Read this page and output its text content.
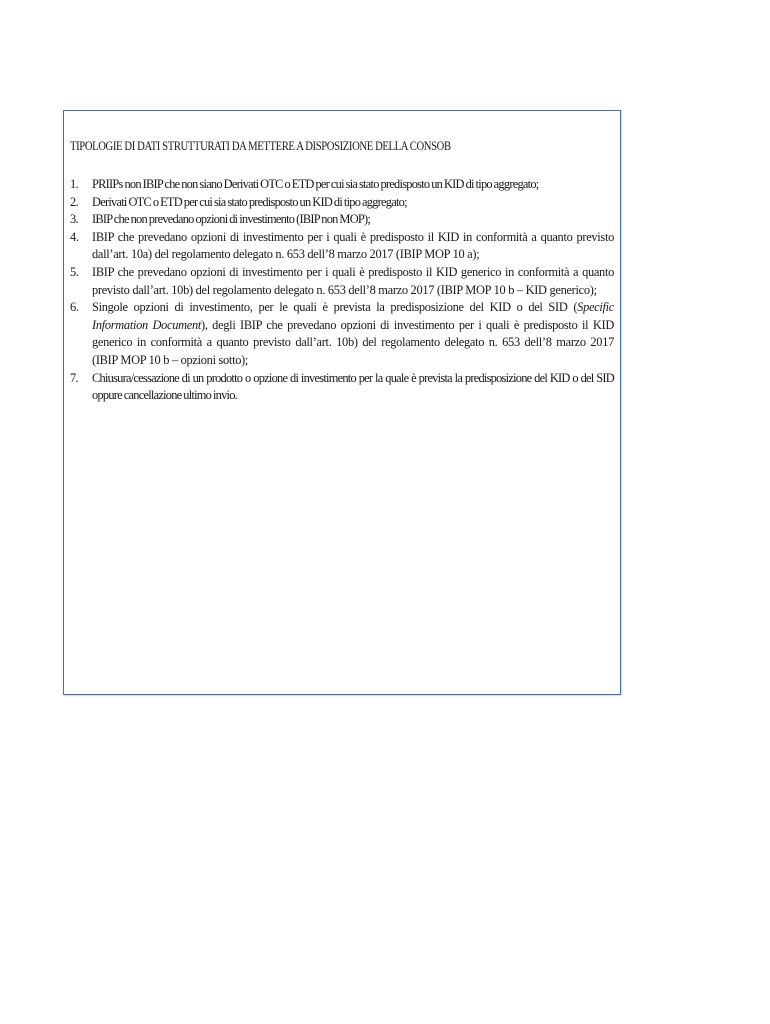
TIPOLOGIE DI DATI STRUTTURATI DA METTERE A DISPOSIZIONE DELLA CONSOB
1. PRIIPs non IBIP che non siano Derivati OTC o ETD per cui sia stato predisposto un KID di tipo aggregato;
2. Derivati OTC o ETD per cui sia stato predisposto un KID di tipo aggregato;
3. IBIP che non prevedano opzioni di investimento (IBIP non MOP);
4. IBIP che prevedano opzioni di investimento per i quali è predisposto il KID in conformità a quanto previsto dall’art. 10a) del regolamento delegato n. 653 dell’8 marzo 2017 (IBIP MOP 10 a);
5. IBIP che prevedano opzioni di investimento per i quali è predisposto il KID generico in conformità a quanto previsto dall’art. 10b) del regolamento delegato n. 653 dell’8 marzo 2017 (IBIP MOP 10 b – KID generico);
6. Singole opzioni di investimento, per le quali è prevista la predisposizione del KID o del SID (Specific Information Document), degli IBIP che prevedano opzioni di investimento per i quali è predisposto il KID generico in conformità a quanto previsto dall’art. 10b) del regolamento delegato n. 653 dell’8 marzo 2017 (IBIP MOP 10 b – opzioni sotto);
7. Chiusura/cessazione di un prodotto o opzione di investimento per la quale è prevista la predisposizione del KID o del SID oppure cancellazione ultimo invio.
